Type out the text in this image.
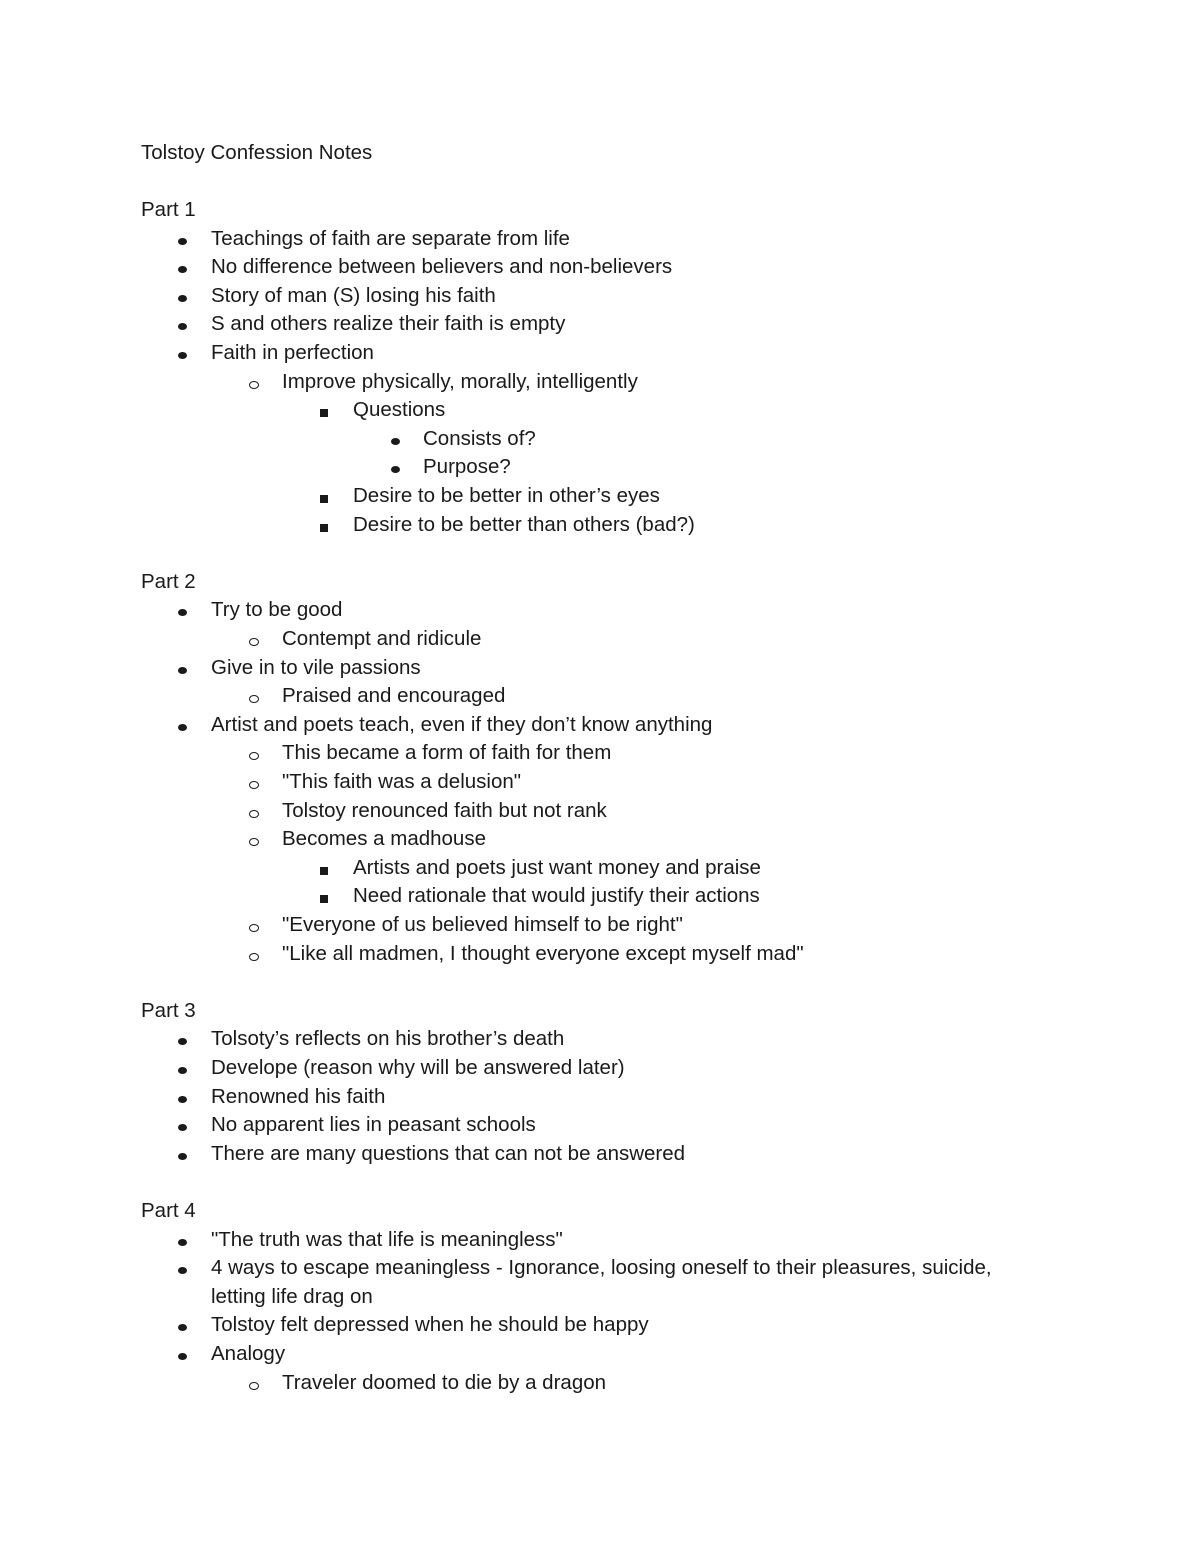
Tolstoy Confession Notes
Part 1
Teachings of faith are separate from life
No difference between believers and non-believers
Story of man (S) losing his faith
S and others realize their faith is empty
Faith in perfection
Improve physically, morally, intelligently
Questions
Consists of?
Purpose?
Desire to be better in other’s eyes
Desire to be better than others (bad?)
Part 2
Try to be good
Contempt and ridicule
Give in to vile passions
Praised and encouraged
Artist and poets teach, even if they don’t know anything
This became a form of faith for them
"This faith was a delusion"
Tolstoy renounced faith but not rank
Becomes a madhouse
Artists and poets just want money and praise
Need rationale that would justify their actions
"Everyone of us believed himself to be right"
"Like all madmen, I thought everyone except myself mad"
Part 3
Tolsoty’s reflects on his brother’s death
Develope (reason why will be answered later)
Renowned his faith
No apparent lies in peasant schools
There are many questions that can not be answered
Part 4
"The truth was that life is meaningless"
4 ways to escape meaningless - Ignorance, loosing oneself to their pleasures, suicide,
letting life drag on
Tolstoy felt depressed when he should be happy
Analogy
Traveler doomed to die by a dragon
